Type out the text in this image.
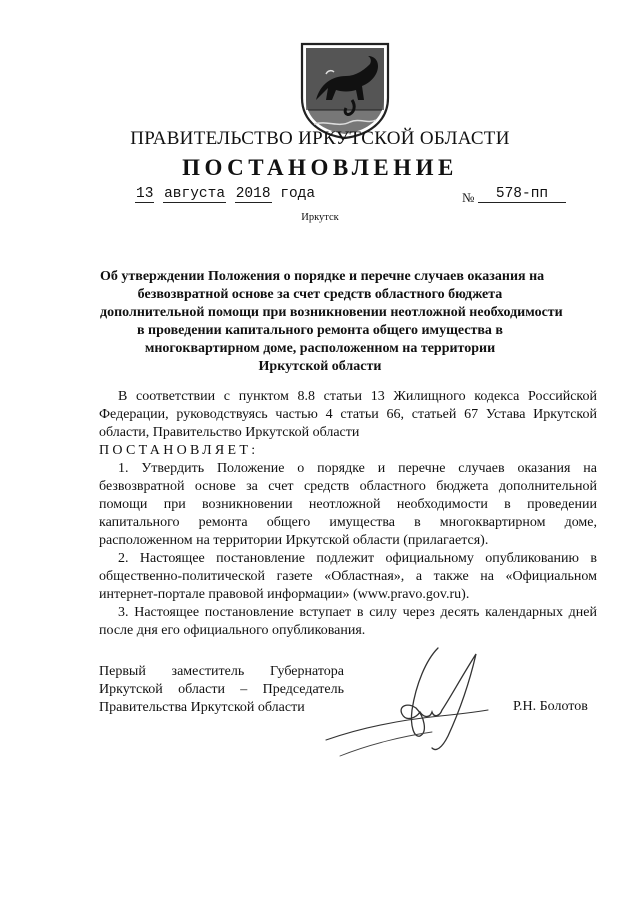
ПРАВИТЕЛЬСТВО ИРКУТСКОЙ ОБЛАСТИ
ПОСТАНОВЛЕНИЕ
13 августа 2018 года	№	578-пп
Иркутск
Об утверждении Положения о порядке и перечне случаев оказания на
безвозвратной основе за счет средств областного бюджета
дополнительной помощи при возникновении неотложной необходимости
в проведении капитального ремонта общего имущества в
многоквартирном доме, расположенном на территории
Иркутской области

В соответствии с пунктом 8.8 статьи 13 Жилищного кодекса Российской Федерации, руководствуясь частью 4 статьи 66, статьей 67 Устава Иркутской области, Правительство Иркутской области

ПОСТАНОВЛЯЕТ:

1. Утвердить Положение о порядке и перечне случаев оказания на безвозвратной основе за счет средств областного бюджета дополнительной помощи при возникновении неотложной необходимости в проведении капитального ремонта общего имущества в многоквартирном доме, расположенном на территории Иркутской области (прилагается).

2. Настоящее постановление подлежит официальному опубликованию в общественно-политической газете «Областная», а также на «Официальном интернет-портале правовой информации» (www.pravo.gov.ru).

3. Настоящее постановление вступает в силу через десять календарных дней после дня его официального опубликования.

Первый заместитель Губернатора
Иркутской области – Председатель
Правительства Иркутской области	Р.Н. Болотов
